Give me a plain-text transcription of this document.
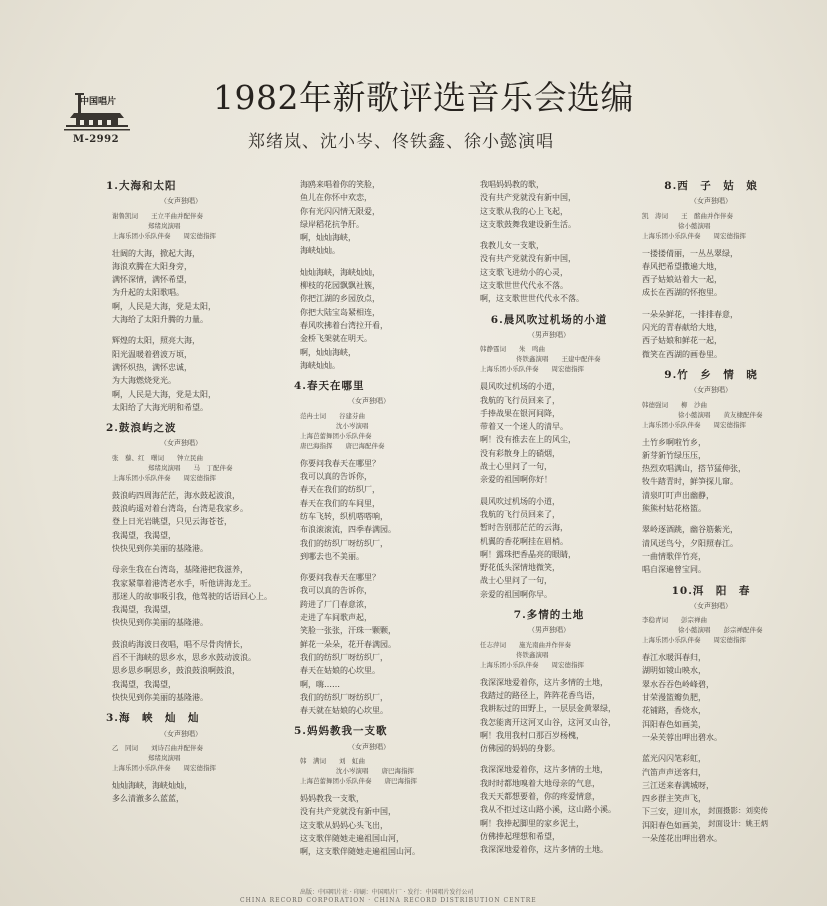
中国唱片
M-2992
1982年新歌评选音乐会选编
郑绪岚、沈小岑、佟铁鑫、徐小懿演唱
1.大海和太阳
（女声独唱）
谢鲁凯词　　王立平曲并配伴奏
郑绪岚演唱
上海乐团小乐队伴奏　　周宏德指挥
壮阔的大海，掀起大海，
海浪欢腾在大阳身旁，
满怀深情，满怀希望，
为升起的太阳歌唱。
啊，人民是大海，党是太阳，
大海给了太阳升腾的力量。
辉煌的太阳，照亮大海，
阳光温暖着碧波万顷，
满怀炽热，满怀忠诚，
为大海燃烧党光。
啊，人民是大海，党是太阳，
太阳给了大海光明和希望。
2.鼓浪屿之波
（女声独唱）
张　藜、红　曙词　　钟立民曲
郑绪岚演唱　　马　丁配伴奏
上海乐团小乐队伴奏　　周宏德指挥
鼓浪屿四周海茫茫，海水鼓起波浪，
鼓浪屿遥对着台湾岛，台湾是我家乡。
登上日光岩眺望，只见云海苍苍，
我渴望，我渴望，
快快见到你美丽的基隆港。
母亲生我在台湾岛，基隆港把我滋养，
我家紧靠着港湾老水手，听他讲海龙王。
那迷人的故事吸引我，他驾驶的话语回心上。
我渴望，我渴望，
快快见到你美丽的基隆港。
鼓浪屿海波日夜唱，唱不尽骨肉情长，
舀不干海峡的思乡水，思乡水鼓动波浪。
思乡思乡啊思乡，鼓浪鼓浪啊鼓浪，
我渴望，我渴望，
快快见到你美丽的基隆港。
3.海　峡　灿　灿
（女声独唱）
乙　同词　　刘诗召曲并配伴奏
郑绪岚演唱
上海乐团小乐队伴奏　　周宏德指挥
灿灿海峡，海峡灿灿，
多么清澈多么蓝蓝，
海鸥来唱着你的笑脸，
鱼儿在你怀中欢恋，
你有光闪闪情无限爱，
绿岸稻花抗争肝。
啊，灿灿海峡，
海峡灿灿。
灿灿海峡，海峡灿灿，
柳枝的花园飘飘社簇，
你把江湖的乡园放点，
你把大陆宝岛紧相连，
春风吹拂着台湾拉开看，
金桥飞架就在明天。
啊，灿灿海峡，
海峡灿灿。
4.春天在哪里
（女声独唱）
范冉士词　　谷建芬曲
沈小岑演唱
上海芭蕾舞团小乐队伴奏
唐巴海指挥　　唐巴海配伴奏
你要问我春天在哪里？
我可以真的告诉你，
春天在我们的纺织厂，
春天在我们的车间里，
纺车飞转，织机嗒嗒响，
布浪滚滚流，四季春满园。
我们的纺织厂呀纺织厂，
到哪去也不美丽。
你要问我春天在哪里？
我可以真的告诉你，
跨进了厂门春意浓，
走进了车间歌声起，
笑脸一张张，汗珠一颗颗，
鲜花一朵朵，花开春满园。
我们的纺织厂呀纺织厂，
春天在姑娘的心坎里。
啊，嗨……
我们的纺织厂呀纺织厂，
春天就在姑娘的心坎里。
5.妈妈教我一支歌
（女声独唱）
韩　满词　　刘　虹曲
沈小岑演唱　　唐巴海指挥
上海芭蕾舞团小乐队伴奏　　唐巴海指挥
妈妈教我一支歌，
没有共产党就没有新中国，
这支歌从妈妈心头飞出，
这支歌伴随她走遍祖国山河，
啊，这支歌伴随她走遍祖国山河。
我唱妈妈教的歌，
没有共产党就没有新中国，
这支歌从我的心上飞起，
这支歌鼓舞我建设新生活。
我教儿女一支歌，
没有共产党就没有新中国，
这支歌飞进幼小的心灵，
这支歌世世代代永不落。
啊，这支歌世世代代永不落。
6.晨风吹过机场的小道
（男声独唱）
韩静霆词　　朱　鸣曲
佟铁鑫演唱　　王建中配伴奏
上海乐团小乐队伴奏　　周宏德指挥
晨风吹过机场的小道，
我航的飞行员回来了，
手捧战果在银河间降，
带着又一个迷人的清早。
啊！没有推去在上的风尘，
没有彩散身上的硝烟，
战士心里问了一句，
亲爱的祖国啊你好！
晨风吹过机场的小道，
我航的飞行员回来了，
暂时告别那茫茫的云海，
机翼的香花啊挂在眉梢。
啊！露珠把香晶亮的眼睛，
野花低头深情地微笑，
战士心里问了一句，
亲爱的祖国啊你早。
7.多情的土地
（男声独唱）
任志萍词　　施光南曲并作伴奏
佟铁鑫演唱
上海乐团小乐队伴奏　　周宏德指挥
我深深地爱着你，这片多情的土地，
我踏过的路径上，阵阵花香鸟语，
我耕耘过的田野上，一层层金黄翠绿，
我怎能离开这河叉山谷，这河叉山谷，
啊！我用我村口那百岁杨槐，
仿佛园的妈妈的身影。
我深深地爱着你，这片多情的土地，
我时时都地嗅着大地母亲的气息，
我天天都想要着，你的疼爱情意，
我从不拒过这山路小溪，这山路小溪。
啊！我捧起脚里的家乡泥土，
仿佛捧起理想和希望，
我深深地爱着你，这片多情的土地。
8.西　子　姑　娘
（女声独唱）
凯　涛词　　王　酩曲并作伴奏
徐小懿演唱
上海乐团小乐队伴奏　　周宏德指挥
一搂搂倩丽，一丛丛翠绿，
春风把希望撒遍大地，
西子姑娘站着大一起，
成长在西湖的怀抱里。
一朵朵鲜花，一排排春意，
闪光的青春献给大地，
西子姑娘和鲜花一起，
微笑在西湖的画卷里。
9.竹　乡　情　晓
（女声独唱）
韩德强词　　柳　沙曲
徐小懿演唱　　黄友棣配伴奏
上海乐团小乐队伴奏　　周宏德指挥
土竹乡啊啦竹乡，
新芽新竹绿压压，
热烈欢唱满山，搭节猛伸张，
牧牛踏青时，鲜笋探儿窜。
清泉叮叮声出幽静，
熊熊村姑花格篮。
翠岭逐酒跳，幽谷筋紫光，
清风送鸟兮，夕阳照春江。
一曲情歌伴竹亮，
唱自深遍曾宝同。
10.洱　阳　春
（女声独唱）
李稳青词　　彭宗禅曲
徐小懿演唱　　彭宗禅配伴奏
上海乐团小乐队伴奏　　周宏德指挥
春江水暖洱春归，
湖明如镜山映水，
翠水吞吞色岭峰碧，
甘荣漫篮瓣负肥，
花铺路，香烧水，
洱阳春色如画美，
一朵芙蓉出呷出碧水。
蓝光闪闪笔彩虹，
汽笛声声送客归，
三江送来春满城呀，
四乡群主笑声飞，
下三安，迎川水，
洱阳春色如画美，
一朵莲花出呷出碧水。
封面摄影：刘奕传
封面设计：姚王炳
出版：中国唱片社 · 印刷：中国唱片厂 · 发行：中国唱片发行公司
CHINA RECORD CORPORATION · CHINA RECORD DISTRIBUTION CENTRE
